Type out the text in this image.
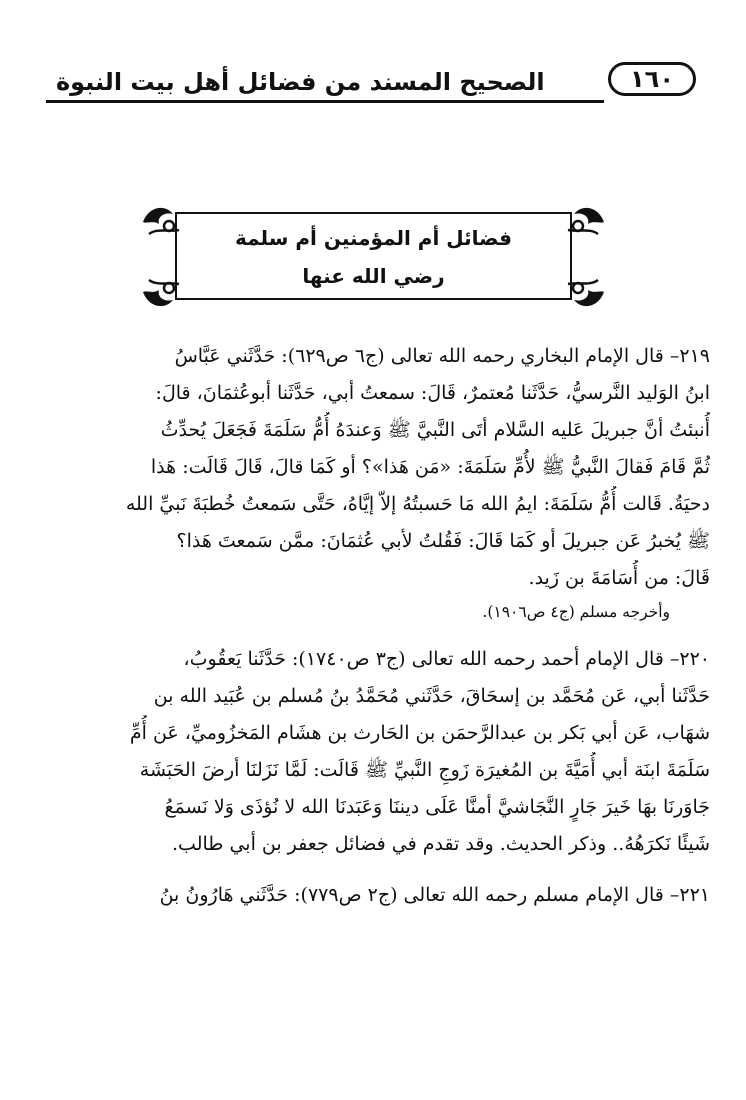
١٦٠
الصحيح المسند من فضائل أهل بيت النبوة
فضائل أم المؤمنين أم سلمة
رضي الله عنها
٢١٩– قال الإمام البخاري رحمه الله تعالى (ج٦ ص٦٢٩): حَدَّثَني عَبَّاسُ
ابنُ الوَليد النَّرسيُّ، حَدَّثَنا مُعتمرٌ، قَالَ: سمعتُ أبي، حَدَّثَنا أبوعُثمَانَ، قالَ:
أُنبئتُ أنَّ جبريلَ عَليه السَّلام أتَى النَّبيَّ ﷺ وَعندَهُ أُمُّ سَلَمَةَ فَجَعَلَ يُحدِّثُ
ثُمَّ قَامَ فَقالَ النَّبيُّ ﷺ لأُمِّ سَلَمَةَ: «مَن هَذا»؟ أو كَمَا قالَ، قَالَ قَالَت: هَذا
دحيَةُ. قَالت أُمُّ سَلَمَةَ: ايمُ الله مَا حَسبتُهُ إلاّ إيَّاهُ، حَتَّى سَمعتُ خُطبَةَ نَبيِّ الله
ﷺ يُخبرُ عَن جبريلَ أو كَمَا قَالَ: فَقُلتُ لأبي عُثمَانَ: ممَّن سَمعتَ هَذا؟
قَالَ: من أُسَامَةَ بن زَيد.
وأخرجه مسلم (ج٤ ص١٩٠٦).
٢٢٠– قال الإمام أحمد رحمه الله تعالى (ج٣ ص١٧٤٠): حَدَّثَنا يَعقُوبُ،
حَدَّثَنا أبي، عَن مُحَمَّد بن إسحَاقَ، حَدَّثَني مُحَمَّدُ بنُ مُسلم بن عُبَيد الله بن
شهَاب، عَن أبي بَكر بن عبدالرَّحمَن بن الحَارث بن هشَام المَخزُوميِّ، عَن أُمِّ
سَلَمَةَ ابنَة أبي أُمَيَّةَ بن المُغيرَة زَوجِ النَّبيِّ ﷺ قَالَت: لَمَّا نَزَلنَا أرضَ الحَبَشَة
جَاوَرنَا بهَا خَيرَ جَارٍ النَّجَاشيَّ أمنَّا عَلَى ديننَا وَعَبَدنَا الله لا نُؤذَى وَلا نَسمَعُ
شَيئًا نَكرَهُهُ.. وذكر الحديث. وقد تقدم في فضائل جعفر بن أبي طالب.
٢٢١– قال الإمام مسلم رحمه الله تعالى (ج٢ ص٧٧٩): حَدَّثَني هَارُونُ بنُ
